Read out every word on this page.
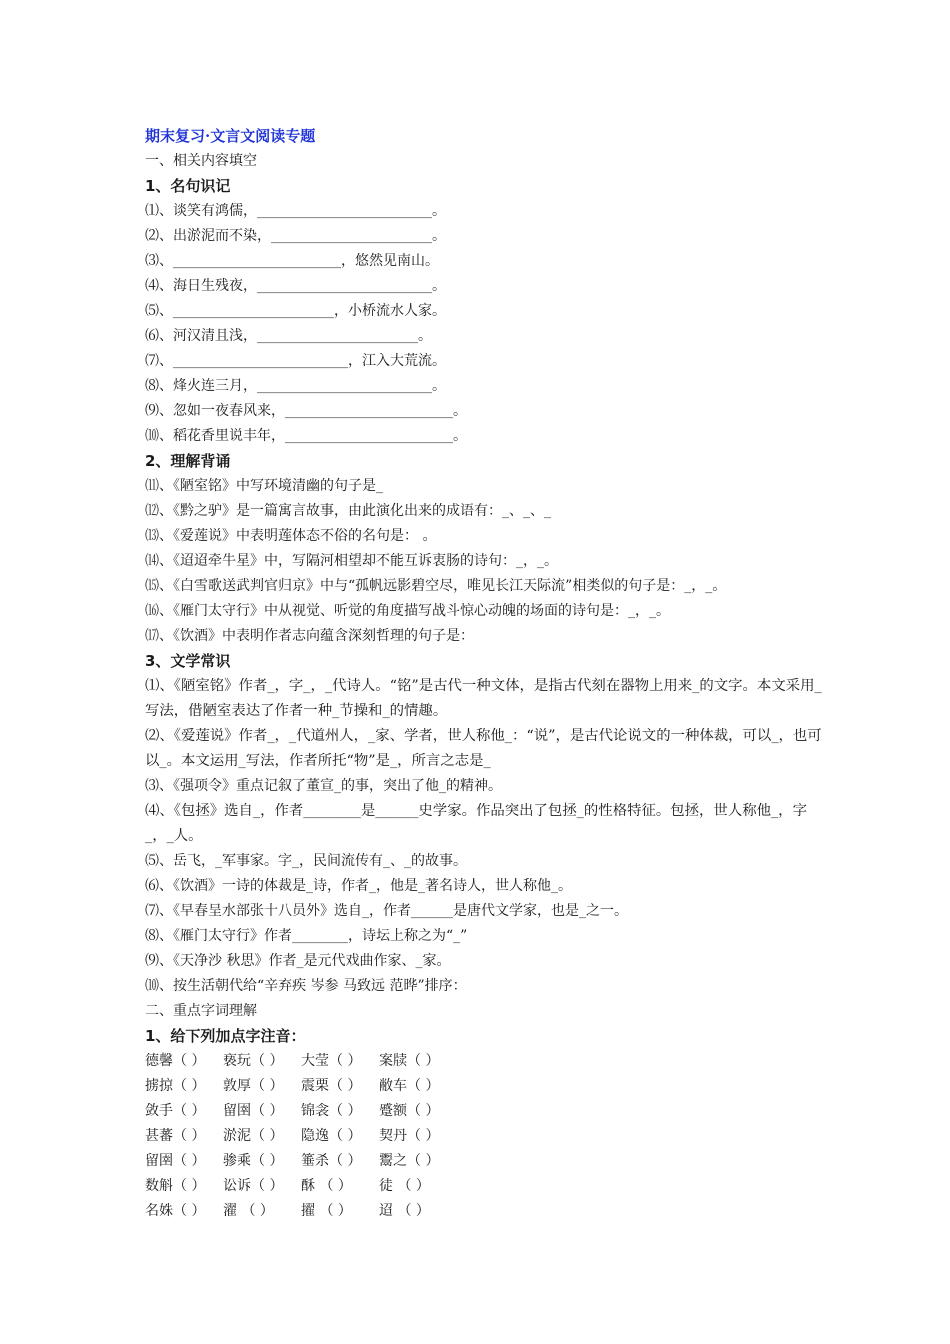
期末复习·文言文阅读专题

一、相关内容填空

1、名句识记

⑴、谈笑有鸿儒，_________________________。

⑵、出淤泥而不染，_______________________。

⑶、________________________，悠然见南山。

⑷、海日生残夜，_________________________。

⑸、_______________________，小桥流水人家。

⑹、河汉清且浅，_______________________。

⑺、_________________________，江入大荒流。

⑻、烽火连三月，_________________________。

⑼、忽如一夜春风来，________________________。

⑽、稻花香里说丰年，________________________。

2、理解背诵

⑾、《陋室铭》中写环境清幽的句子是_

⑿、《黔之驴》是一篇寓言故事，由此演化出来的成语有：_、_、_

⒀、《爱莲说》中表明莲体态不俗的名句是： 。

⒁、《迢迢牵牛星》中，写隔河相望却不能互诉衷肠的诗句：_，_。

⒂、《白雪歌送武判官归京》中与“孤帆远影碧空尽，唯见长江天际流”相类似的句子是：_，_。

⒃、《雁门太守行》中从视觉、听觉的角度描写战斗惊心动魄的场面的诗句是：_，_。

⒄、《饮酒》中表明作者志向蕴含深刻哲理的句子是：

3、文学常识

⑴、《陋室铭》作者_，字_，_代诗人。“铭”是古代一种文体，是指古代刻在器物上用来_的文字。本文采用_写法，借陋室表达了作者一种_节操和_的情趣。

⑵、《爱莲说》作者_，_代道州人，_家、学者，世人称他_：“说”，是古代论说文的一种体裁，可以_，也可以_。本文运用_写法，作者所托“物”是_，所言之志是_

⑶、《强项令》重点记叙了董宣_的事，突出了他_的精神。

⑷、《包拯》选自_，作者________是______史学家。作品突出了包拯_的性格特征。包拯，世人称他_，字_，_人。

⑸、岳飞，_军事家。字_，民间流传有_、_的故事。

⑹、《饮酒》一诗的体裁是_诗，作者_，他是_著名诗人，世人称他_。

⑺、《早春呈水部张十八员外》选自_，作者______是唐代文学家，也是_之一。

⑻、《雁门太守行》作者________，诗坛上称之为“_”

⑼、《天净沙 秋思》作者_是元代戏曲作家、_家。

⑽、按生活朝代给“辛弃疾 岑参 马致远 范晔”排序：

二、重点字词理解

1、给下列加点字注音：

德馨（ ）	亵玩（ ）	大莹（ ）	案牍（ ）
掳掠（ ）	敦厚（ ）	震栗（ ）	敝车（ ）
敛手（ ）	留圉（ ）	锦衾（ ）	蹙额（ ）
甚蕃（ ）	淤泥（ ）	隐逸（ ）	契丹（ ）
留圉（ ）	骖乘（ ）	箠杀（ ）	鬻之（ ）
数斛（ ）	讼诉（ ）	酥 （ ）	徒 （ ）
名姝（ ）	濯 （ ）	擢 （ ）	迢 （ ）
